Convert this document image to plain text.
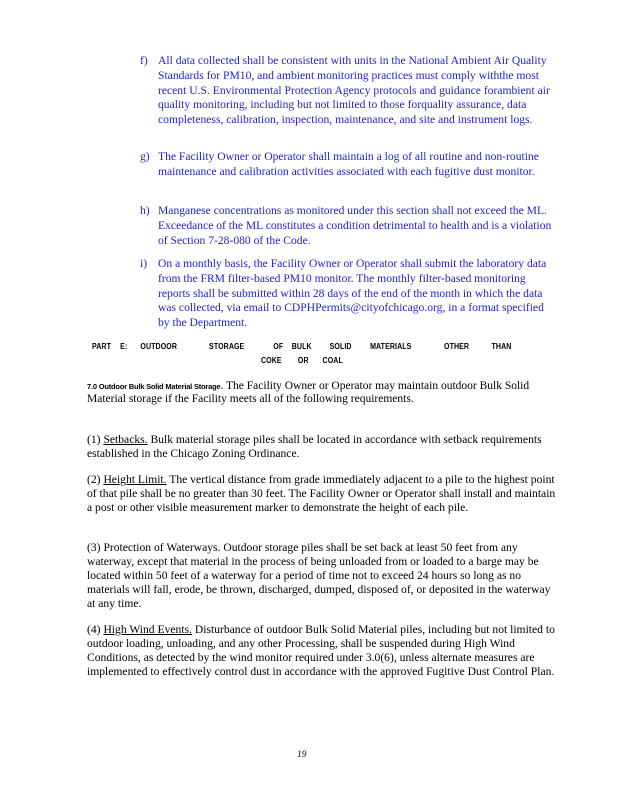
f) All data collected shall be consistent with units in the National Ambient Air Quality Standards for PM10, and ambient monitoring practices must comply withthe most recent U.S. Environmental Protection Agency protocols and guidance forambient air quality monitoring, including but not limited to those forquality assurance, data completeness, calibration, inspection, maintenance, and site and instrument logs.
g) The Facility Owner or Operator shall maintain a log of all routine and non-routine maintenance and calibration activities associated with each fugitive dust monitor.
h) Manganese concentrations as monitored under this section shall not exceed the ML. Exceedance of the ML constitutes a condition detrimental to health and is a violation of Section 7-28-080 of the Code.
i) On a monthly basis, the Facility Owner or Operator shall submit the laboratory data from the FRM filter-based PM10 monitor. The monthly filter-based monitoring reports shall be submitted within 28 days of the end of the month in which the data was collected, via email to CDPHPermits@cityofchicago.org, in a format specified by the Department.
PART E: OUTDOOR	STORAGE	OF BULK SOLID MATERIALS	OTHER	THAN
COKE OR COAL
7.0 Outdoor Bulk Solid Material Storage. The Facility Owner or Operator may maintain outdoor Bulk Solid Material storage if the Facility meets all of the following requirements.
(1) Setbacks. Bulk material storage piles shall be located in accordance with setback requirements established in the Chicago Zoning Ordinance.
(2) Height Limit. The vertical distance from grade immediately adjacent to a pile to the highest point of that pile shall be no greater than 30 feet. The Facility Owner or Operator shall install and maintain a post or other visible measurement marker to demonstrate the height of each pile.
(3) Protection of Waterways. Outdoor storage piles shall be set back at least 50 feet from any waterway, except that material in the process of being unloaded from or loaded to a barge may be located within 50 feet of a waterway for a period of time not to exceed 24 hours so long as no materials will fall, erode, be thrown, discharged, dumped, disposed of, or deposited in the waterway at any time.
(4) High Wind Events. Disturbance of outdoor Bulk Solid Material piles, including but not limited to outdoor loading, unloading, and any other Processing, shall be suspended during High Wind Conditions, as detected by the wind monitor required under 3.0(6), unless alternate measures are implemented to effectively control dust in accordance with the approved Fugitive Dust Control Plan.
19
